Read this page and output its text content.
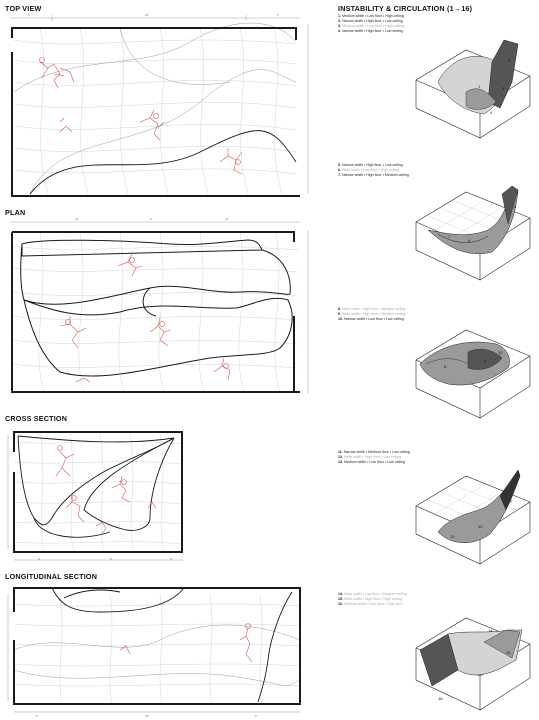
TOP VIEW
PLAN
CROSS SECTION
LONGITUDINAL SECTION
INSTABILITY & CIRCULATION (1→16)
5'	20'	5'
12'	9'	12'
4'	6'	3'
5'	20'	5'
1. Medium width • Low floor • High ceiling
2. Narrow width • High floor • Low ceiling
3. Medium width • Low floor • High ceiling
4. Narrow width • High floor • Low ceiling
5. Narrow width • High floor • Low ceiling
6. Wide width • Low floor • High ceiling
7. Narrow width • High floor • Medium ceiling
8. Wide width • High floor • Medium ceiling
9. Wide width • High floor • Medium ceiling
10. Narrow width • Low floor • Low ceiling
11. Narrow width • Medium floor • Low ceiling
12. Wide width • High floor • Low ceiling
13. Medium width • Low floor • Low ceiling
14. Wide width • Low floor • Medium ceiling
15. Wide width • High floor • High ceiling
16. Medium width • Low floor • High floor
1
2
3
4
5
6
7
8
9
10
11
12
13
14
15
16
